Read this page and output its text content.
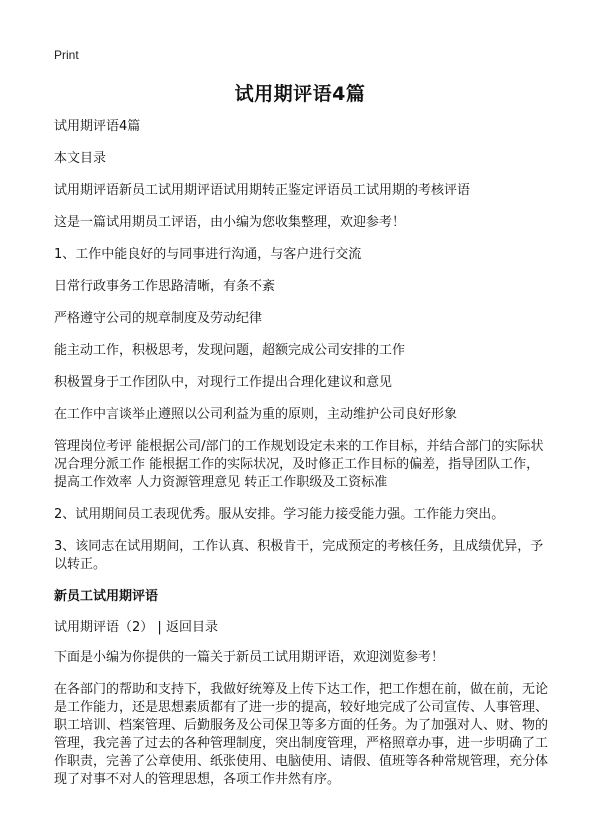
Print
试用期评语4篇

试用期评语4篇

本文目录

试用期评语新员工试用期评语试用期转正鉴定评语员工试用期的考核评语

这是一篇试用期员工评语，由小编为您收集整理，欢迎参考！

1、工作中能良好的与同事进行沟通，与客户进行交流

日常行政事务工作思路清晰，有条不紊

严格遵守公司的规章制度及劳动纪律

能主动工作，积极思考，发现问题，超额完成公司安排的工作

积极置身于工作团队中，对现行工作提出合理化建议和意见

在工作中言谈举止遵照以公司利益为重的原则，主动维护公司良好形象

管理岗位考评 能根据公司/部门的工作规划设定未来的工作目标，并结合部门的实际状况合理分派工作 能根据工作的实际状况，及时修正工作目标的偏差，指导团队工作，提高工作效率 人力资源管理意见 转正工作职级及工资标准

2、试用期间员工表现优秀。服从安排。学习能力接受能力强。工作能力突出。

3、该同志在试用期间，工作认真、积极肯干，完成预定的考核任务，且成绩优异，予以转正。

新员工试用期评语

试用期评语（2） | 返回目录

下面是小编为你提供的一篇关于新员工试用期评语，欢迎浏览参考！

在各部门的帮助和支持下，我做好统筹及上传下达工作，把工作想在前，做在前，无论是工作能力，还是思想素质都有了进一步的提高，较好地完成了公司宣传、人事管理、职工培训、档案管理、后勤服务及公司保卫等多方面的任务。为了加强对人、财、物的管理，我完善了过去的各种管理制度，突出制度管理，严格照章办事，进一步明确了工作职责，完善了公章使用、纸张使用、电脑使用、请假、值班等各种常规管理，充分体现了对事不对人的管理思想，各项工作井然有序。
